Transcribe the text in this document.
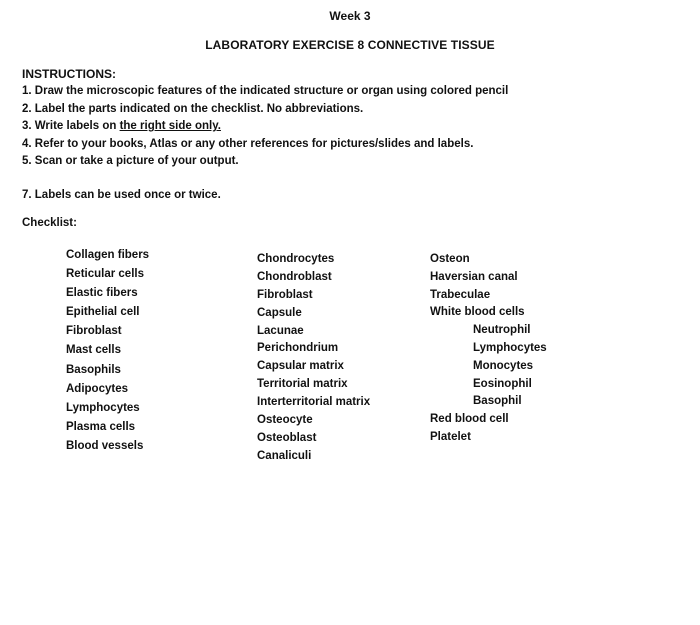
Week 3
LABORATORY EXERCISE 8 CONNECTIVE TISSUE
INSTRUCTIONS:
1. Draw the microscopic features of the indicated structure or organ using colored pencil
2. Label the parts indicated on the checklist. No abbreviations.
3. Write labels on the right side only.
4. Refer to your books, Atlas or any other references for pictures/slides and labels.
5. Scan or take a picture of your output.
7. Labels can be used once or twice.
Checklist:
Collagen fibers
Reticular cells
Elastic fibers
Epithelial cell
Fibroblast
Mast cells
Basophils
Adipocytes
Lymphocytes
Plasma cells
Blood vessels
Chondrocytes
Chondroblast
Fibroblast
Capsule
Lacunae
Perichondrium
Capsular matrix
Territorial matrix
Interterritorial matrix
Osteocyte
Osteoblast
Canaliculi
Osteon
Haversian canal
Trabeculae
White blood cells
Neutrophil
Lymphocytes
Monocytes
Eosinophil
Basophil
Red blood cell
Platelet
